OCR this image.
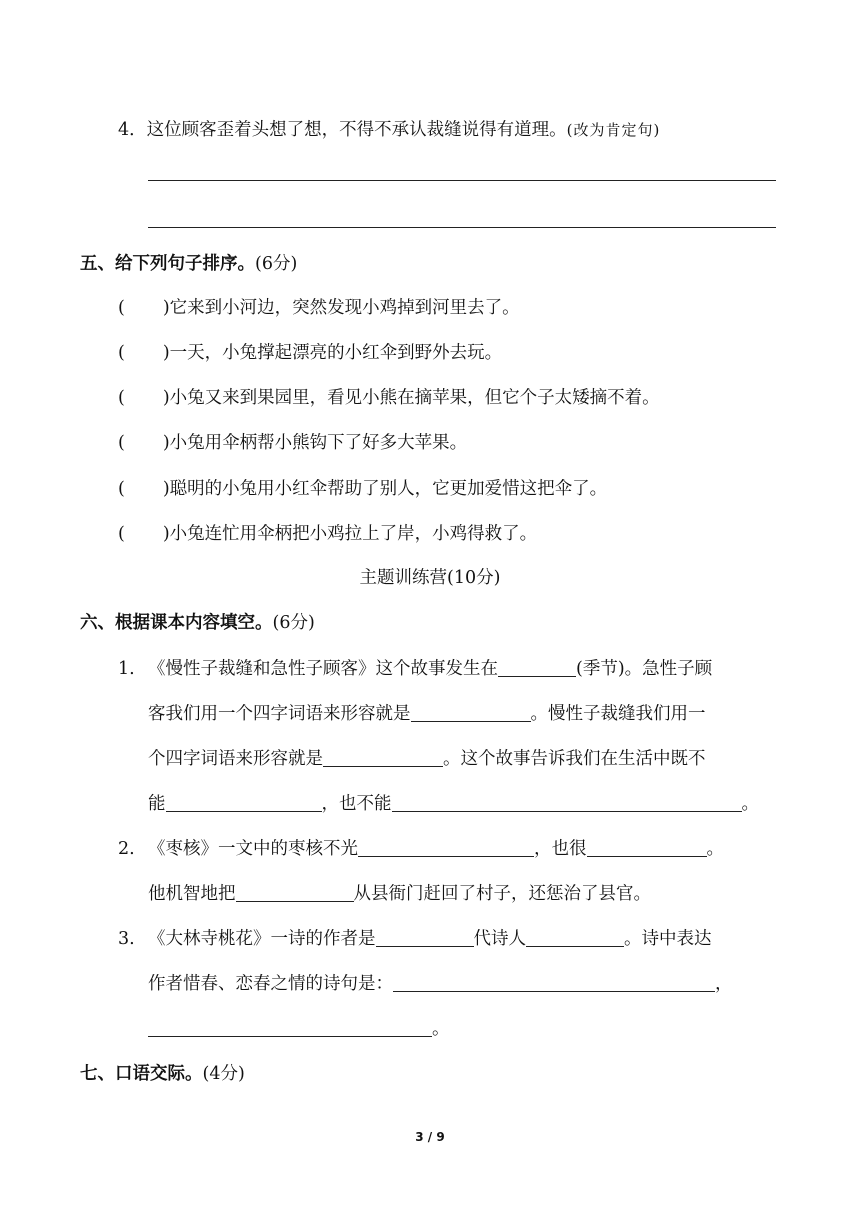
4．这位顾客歪着头想了想，不得不承认裁缝说得有道理。(改为肯定句)
五、给下列句子排序。(6分)
( )它来到小河边，突然发现小鸡掉到河里去了。
( )一天，小兔撑起漂亮的小红伞到野外去玩。
( )小兔又来到果园里，看见小熊在摘苹果，但它个子太矮摘不着。
( )小兔用伞柄帮小熊钩下了好多大苹果。
( )聪明的小兔用小红伞帮助了别人，它更加爱惜这把伞了。
( )小兔连忙用伞柄把小鸡拉上了岸，小鸡得救了。
主题训练营(10分)
六、根据课本内容填空。(6分)
1. 《慢性子裁缝和急性子顾客》这个故事发生在	(季节)。急性子顾
客我们用一个四字词语来形容就是	。慢性子裁缝我们用一
个四字词语来形容就是	。这个故事告诉我们在生活中既不
能	，也不能	。
2. 《枣核》一文中的枣核不光	，也很	。
他机智地把	从县衙门赶回了村子，还惩治了县官。
3. 《大林寺桃花》一诗的作者是	代诗人	。诗中表达
作者惜春、恋春之情的诗句是：	，
。
七、口语交际。(4分)
3 / 9
